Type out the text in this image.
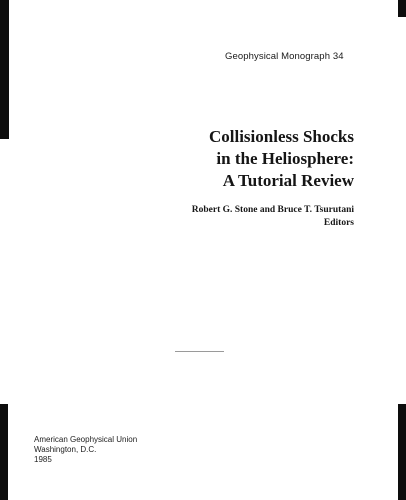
Geophysical Monograph 34
Collisionless Shocks
in the Heliosphere:
A Tutorial Review
Robert G. Stone and Bruce T. Tsurutani
Editors
American Geophysical Union
Washington, D.C.
1985
